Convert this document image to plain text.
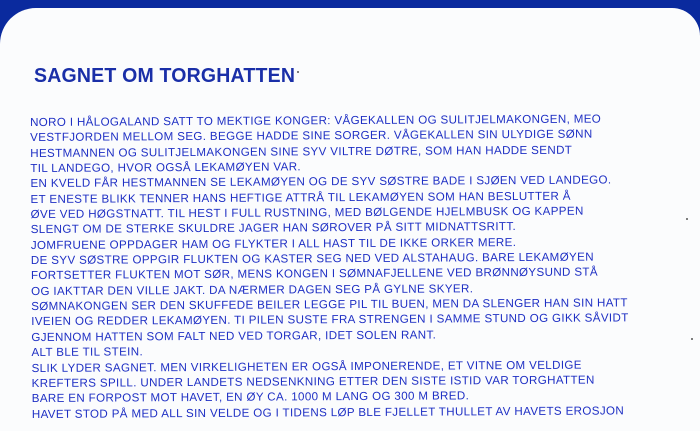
SAGNET OM TORGHATTEN
NORO I HÅLOGALAND SATT TO MEKTIGE KONGER: VÅGEKALLEN OG SULITJELMAKONGEN, MEO
VESTFJORDEN MELLOM SEG. BEGGE HADDE SINE SORGER. VÅGEKALLEN SIN ULYDIGE SØNN
HESTMANNEN OG SULITJELMAKONGEN SINE SYV VILTRE DØTRE, SOM HAN HADDE SENDT
TIL LANDEGO, HVOR OGSÅ LEKAMØYEN VAR.
EN KVELD FÅR HESTMANNEN SE LEKAMØYEN OG DE SYV SØSTRE BADE I SJØEN VED LANDEGO.
ET ENESTE BLIKK TENNER HANS HEFTIGE ATTRÅ TIL LEKAMØYEN SOM HAN BESLUTTER Å
ØVE VED HØGSTNATT. TIL HEST I FULL RUSTNING, MED BØLGENDE HJELMBUSK OG KAPPEN
SLENGT OM DE STERKE SKULDRE JAGER HAN SØROVER PÅ SITT MIDNATTSRITT.
JOMFRUENE OPPDAGER HAM OG FLYKTER I ALL HAST TIL DE IKKE ORKER MERE.
DE SYV SØSTRE OPPGIR FLUKTEN OG KASTER SEG NED VED ALSTAHAUG. BARE LEKAMØYEN
FORTSETTER FLUKTEN MOT SØR, MENS KONGEN I SØMNAFJELLENE VED BRØNNØYSUND STÅ
OG IAKTTAR DEN VILLE JAKT. DA NÆRMER DAGEN SEG PÅ GYLNE SKYER.
SØMNAKONGEN SER DEN SKUFFEDE BEILER LEGGE PIL TIL BUEN, MEN DA SLENGER HAN SIN HATT
IVEIEN OG REDDER LEKAMØYEN. TI PILEN SUSTE FRA STRENGEN I SAMME STUND OG GIKK SÅVIDT
GJENNOM HATTEN SOM FALT NED VED TORGAR, IDET SOLEN RANT.
ALT BLE TIL STEIN.
SLIK LYDER SAGNET. MEN VIRKELIGHETEN ER OGSÅ IMPONERENDE, ET VITNE OM VELDIGE
KREFTERS SPILL. UNDER LANDETS NEDSENKNING ETTER DEN SISTE ISTID VAR TORGHATTEN
BARE EN FORPOST MOT HAVET, EN ØY CA. 1000 M LANG OG 300 M BRED.
HAVET STOD PÅ MED ALL SIN VELDE OG I TIDENS LØP BLE FJELLET THULLET AV HAVETS EROSJON
